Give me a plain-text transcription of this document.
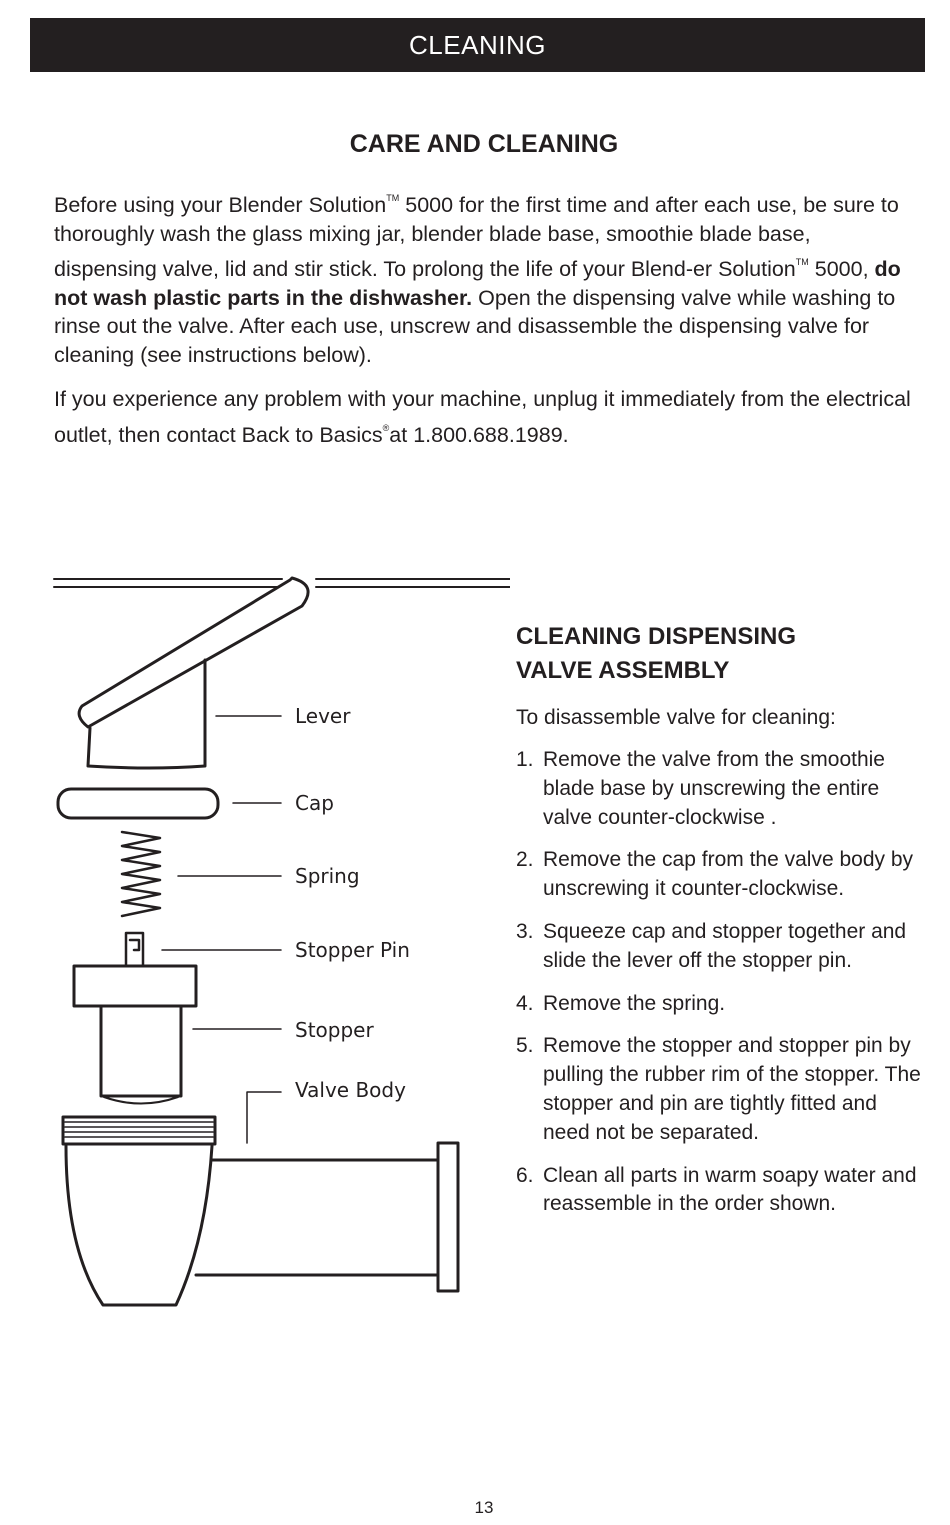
CLEANING
CARE AND CLEANING

Before using your Blender Solution™ 5000 for the first time and after each use, be sure to thoroughly wash the glass mixing jar, blender blade base, smoothie blade base, dispensing valve, lid and stir stick. To prolong the life of your Blend-er Solution™ 5000, do not wash plastic parts in the dishwasher. Open the dispensing valve while washing to rinse out the valve. After each use, unscrew and disassemble the dispensing valve for cleaning (see instructions below).

If you experience any problem with your machine, unplug it immediately from the electrical outlet, then contact Back to Basics®at 1.800.688.1989.

Lever
Cap
Spring
Stopper Pin
Stopper
Valve Body
CLEANING DISPENSING
VALVE ASSEMBLY

To disassemble valve for cleaning:

1. Remove the valve from the smoothie blade base by unscrewing the entire valve counter-clockwise .
2. Remove the cap from the valve body by unscrewing it counter-clockwise.
3. Squeeze cap and stopper together and slide the lever off the stopper pin.
4. Remove the spring.
5. Remove the stopper and stopper pin by pulling the rubber rim of the stopper. The stopper and pin are tightly fitted and need not be separated.
6. Clean all parts in warm soapy water and reassemble in the order shown.
13
